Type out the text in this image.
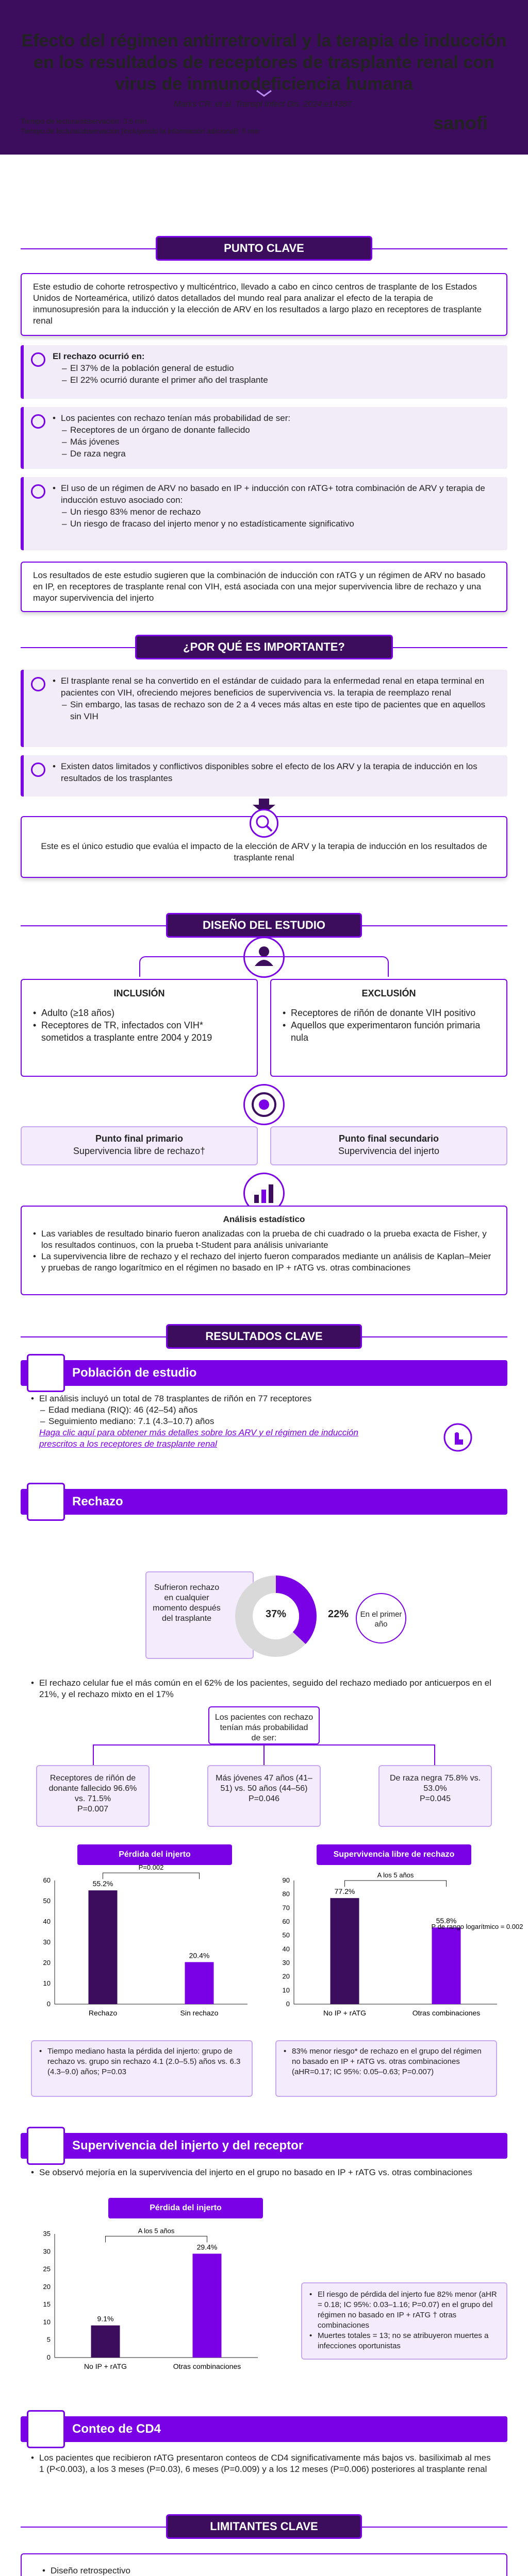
Efecto del régimen antirretroviral y la terapia de inducción en los resultados de receptores de trasplante renal con virus de inmunodeficiencia humana
Marks CR, et al. Transpl Infect Dis. 2024:e14387.
Tiempo de lectura/observación: 3.5 min.
Tiempo de lectura/observación (incluyendo la información adicional): 5 min	sanofi
PUNTO CLAVE
Este estudio de cohorte retrospectivo y multicéntrico, llevado a cabo en cinco centros de trasplante de los Estados Unidos de Norteamérica, utilizó datos detallados del mundo real para analizar el efecto de la terapia de inmunosupresión para la inducción y la elección de ARV en los resultados a largo plazo en receptores de trasplante renal
El rechazo ocurrió en:
– El 37% de la población general de estudio
– El 22% ocurrió durante el primer año del trasplante
• Los pacientes con rechazo tenían más probabilidad de ser:
– Receptores de un órgano de donante fallecido
– Más jóvenes
– De raza negra
• El uso de un régimen de ARV no basado en IP + inducción con rATG+ totra combinación de ARV y terapia de inducción estuvo asociado con:
– Un riesgo 83% menor de rechazo
– Un riesgo de fracaso del injerto menor y no estadísticamente significativo
Los resultados de este estudio sugieren que la combinación de inducción con rATG y un régimen de ARV no basado en IP, en receptores de trasplante renal con VIH, está asociada con una mejor supervivencia libre de rechazo y una mayor supervivencia del injerto
¿POR QUÉ ES IMPORTANTE?
• El trasplante renal se ha convertido en el estándar de cuidado para la enfermedad renal en etapa terminal en pacientes con VIH, ofreciendo mejores beneficios de supervivencia vs. la terapia de reemplazo renal
– Sin embargo, las tasas de rechazo son de 2 a 4 veces más altas en este tipo de pacientes que en aquellos sin VIH
• Existen datos limitados y conflictivos disponibles sobre el efecto de los ARV y la terapia de inducción en los resultados de los trasplantes
Este es el único estudio que evalúa el impacto de la elección de ARV y la terapia de inducción en los resultados de trasplante renal
DISEÑO DEL ESTUDIO
INCLUSIÓN
• Adulto (≥18 años)
• Receptores de TR, infectados con VIH* sometidos a trasplante entre 2004 y 2019
EXCLUSIÓN
• Receptores de riñón de donante VIH positivo
• Aquellos que experimentaron función primaria nula
Punto final primario
Supervivencia libre de rechazo†
Punto final secundario
Supervivencia del injerto
Análisis estadístico
• Las variables de resultado binario fueron analizadas con la prueba de chi cuadrado o la prueba exacta de Fisher, y los resultados continuos, con la prueba t-Student para análisis univariante
• La supervivencia libre de rechazo y el rechazo del injerto fueron comparados mediante un análisis de Kaplan–Meier y pruebas de rango logarítmico en el régimen no basado en IP + rATG vs. otras combinaciones
RESULTADOS CLAVE
Población de estudio
• El análisis incluyó un total de 78 trasplantes de riñón en 77 receptores
– Edad mediana (RIQ): 46 (42–54) años
– Seguimiento mediano: 7.1 (4.3–10.7) años
Haga clic aquí para obtener más detalles sobre los ARV y el régimen de inducción prescritos a los receptores de trasplante renal
Rechazo
Sufrieron rechazo en cualquier momento después del trasplante	37%	22%	En el primer año
• El rechazo celular fue el más común en el 62% de los pacientes, seguido del rechazo mediado por anticuerpos en el 21%, y el rechazo mixto en el 17%
Los pacientes con rechazo tenían más probabilidad de ser:
Receptores de riñón de donante fallecido 96.6% vs. 71.5%
P=0.007
Más jóvenes 47 años (41–51) vs. 50 años (44–56)
P=0.046
De raza negra 75.8% vs. 53.0%
P=0.045
Pérdida del injerto
0
10
20
30
40
50
60	55.2%
Rechazo
20.4%
Sin rechazo
P=0.002
• Tiempo mediano hasta la pérdida del injerto: grupo de rechazo vs. grupo sin rechazo 4.1 (2.0–5.5) años vs. 6.3 (4.3–9.0) años; P=0.03
Supervivencia libre de rechazo
0
10
20
30
40
50
60
70
80
90
77.2%
No IP + rATG
55.8%
Otras combinaciones
A los 5 años
P de rango logarítmico = 0.002
• 83% menor riesgo* de rechazo en el grupo del régimen no basado en IP + rATG vs. otras combinaciones (aHR=0.17; IC 95%: 0.05–0.63; P=0.007)
Supervivencia del injerto y del receptor
• Se observó mejoría en la supervivencia del injerto en el grupo no basado en IP + rATG vs. otras combinaciones
Pérdida del injerto
0
5
10
15
20
25
30
35
9.1%
No IP + rATG
29.4%
Otras combinaciones
A los 5 años
• El riesgo de pérdida del injerto fue 82% menor (aHR = 0.18; IC 95%: 0.03–1.16; P=0.07) en el grupo del régimen no basado en IP + rATG † otras combinaciones
• Muertes totales = 13; no se atribuyeron muertes a infecciones oportunistas
Conteo de CD4
• Los pacientes que recibieron rATG presentaron conteos de CD4 significativamente más bajos vs. basiliximab al mes 1 (P<0.003), a los 3 meses (P=0.03), 6 meses (P=0.009) y a los 12 meses (P=0.006) posteriores al trasplante renal
LIMITANTES CLAVE
• Diseño retrospectivo
